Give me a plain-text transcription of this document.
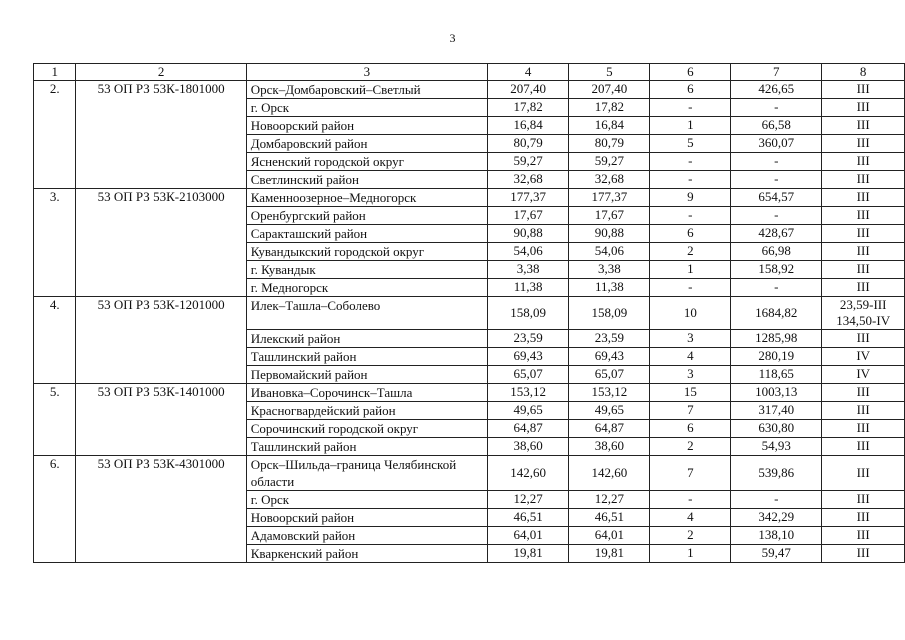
3
1	2	3	4	5	6	7	8
2.	53 ОП РЗ 53К-1801000	Орск–Домбаровский–Светлый	207,40	207,40	6	426,65	III
		г. Орск	17,82	17,82	-	-	III
		Новоорский район	16,84	16,84	1	66,58	III
		Домбаровский район	80,79	80,79	5	360,07	III
		Ясненский городской округ	59,27	59,27	-	-	III
		Светлинский район	32,68	32,68	-	-	III
3.	53 ОП РЗ 53К-2103000	Каменноозерное–Медногорск	177,37	177,37	9	654,57	III
		Оренбургский район	17,67	17,67	-	-	III
		Саракташский район	90,88	90,88	6	428,67	III
		Кувандыкский городской округ	54,06	54,06	2	66,98	III
		г. Кувандык	3,38	3,38	1	158,92	III
		г. Медногорск	11,38	11,38	-	-	III
4.	53 ОП РЗ 53К-1201000	Илек–Ташла–Соболево	158,09	158,09	10	1684,82	23,59-III
134,50-IV

		Илекский район	23,59	23,59	3	1285,98	III
		Ташлинский район	69,43	69,43	4	280,19	IV
		Первомайский район	65,07	65,07	3	118,65	IV
5.	53 ОП РЗ 53К-1401000	Ивановка–Сорочинск–Ташла	153,12	153,12	15	1003,13	III
		Красногвардейский район	49,65	49,65	7	317,40	III
		Сорочинский городской округ	64,87	64,87	6	630,80	III
		Ташлинский район	38,60	38,60	2	54,93	III
6.	53 ОП РЗ 53К-4301000	Орск–Шильда–граница Челябинской области	142,60	142,60	7	539,86	III
		г. Орск	12,27	12,27	-	-	III
		Новоорский район	46,51	46,51	4	342,29	III
		Адамовский район	64,01	64,01	2	138,10	III
		Кваркенский район	19,81	19,81	1	59,47	III
